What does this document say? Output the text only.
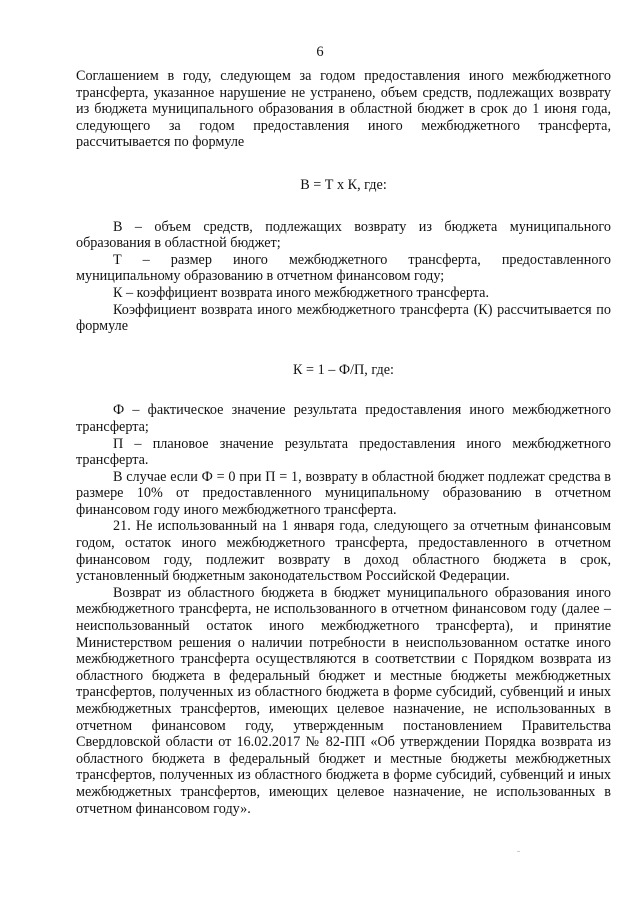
6

Соглашением в году, следующем за годом предоставления иного межбюджетного трансферта, указанное нарушение не устранено, объем средств, подлежащих возврату из бюджета муниципального образования в областной бюджет в срок до 1 июня года, следующего за годом предоставления иного межбюджетного трансферта, рассчитывается по формуле

В = Т х К, где:

В – объем средств, подлежащих возврату из бюджета муниципального образования в областной бюджет;

Т – размер иного межбюджетного трансферта, предоставленного муниципальному образованию в отчетном финансовом году;

К – коэффициент возврата иного межбюджетного трансферта.

Коэффициент возврата иного межбюджетного трансферта (К) рассчитывается по формуле

К = 1 – Ф/П, где:

Ф – фактическое значение результата предоставления иного межбюджетного трансферта;

П – плановое значение результата предоставления иного межбюджетного трансферта.

В случае если Ф = 0 при П = 1, возврату в областной бюджет подлежат средства в размере 10% от предоставленного муниципальному образованию в отчетном финансовом году иного межбюджетного трансферта.

21. Не использованный на 1 января года, следующего за отчетным финансовым годом, остаток иного межбюджетного трансферта, предоставленного в отчетном финансовом году, подлежит возврату в доход областного бюджета в срок, установленный бюджетным законодательством Российской Федерации.

Возврат из областного бюджета в бюджет муниципального образования иного межбюджетного трансферта, не использованного в отчетном финансовом году (далее – неиспользованный остаток иного межбюджетного трансферта), и принятие Министерством решения о наличии потребности в неиспользованном остатке иного межбюджетного трансферта осуществляются в соответствии с Порядком возврата из областного бюджета в федеральный бюджет и местные бюджеты межбюджетных трансфертов, полученных из областного бюджета в форме субсидий, субвенций и иных межбюджетных трансфертов, имеющих целевое назначение, не использованных в отчетном финансовом году, утвержденным постановлением Правительства Свердловской области от 16.02.2017 № 82-ПП «Об утверждении Порядка возврата из областного бюджета в федеральный бюджет и местные бюджеты межбюджетных трансфертов, полученных из областного бюджета в форме субсидий, субвенций и иных межбюджетных трансфертов, имеющих целевое назначение, не использованных в отчетном финансовом году».
